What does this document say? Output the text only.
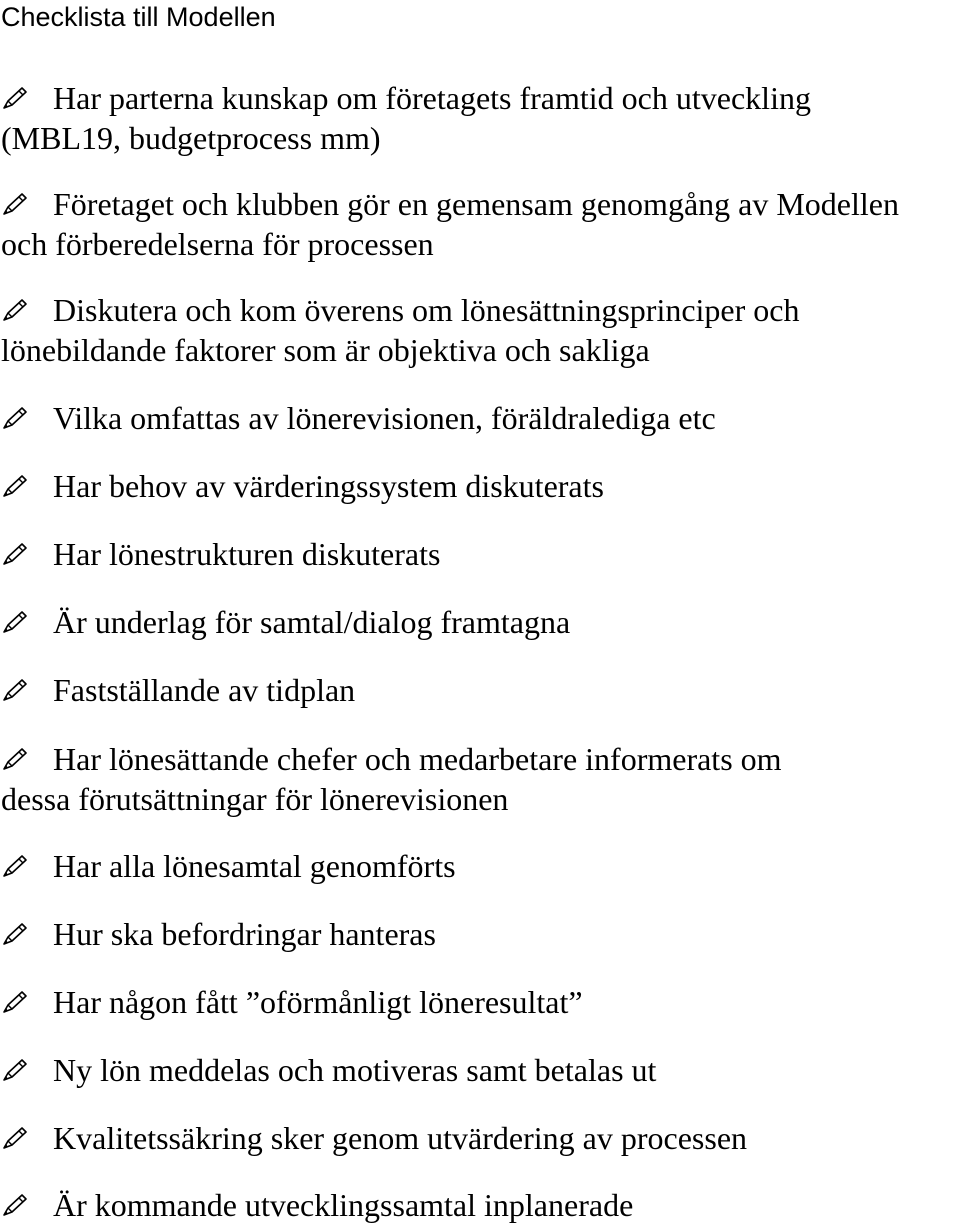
Checklista till Modellen
Har parterna kunskap om företagets framtid och utveckling
(MBL19, budgetprocess mm)
Företaget och klubben gör en gemensam genomgång av Modellen
och förberedelserna för processen
Diskutera och kom överens om lönesättningsprinciper och
lönebildande faktorer som är objektiva och sakliga
Vilka omfattas av lönerevisionen, föräldralediga etc
Har behov av värderingssystem diskuterats
Har lönestrukturen diskuterats
Är underlag för samtal/dialog framtagna
Fastställande av tidplan
Har lönesättande chefer och medarbetare informerats om
dessa förutsättningar för lönerevisionen
Har alla lönesamtal genomförts
Hur ska befordringar hanteras
Har någon fått ”oförmånligt löneresultat”
Ny lön meddelas och motiveras samt betalas ut
Kvalitetssäkring sker genom utvärdering av processen
Är kommande utvecklingssamtal inplanerade
